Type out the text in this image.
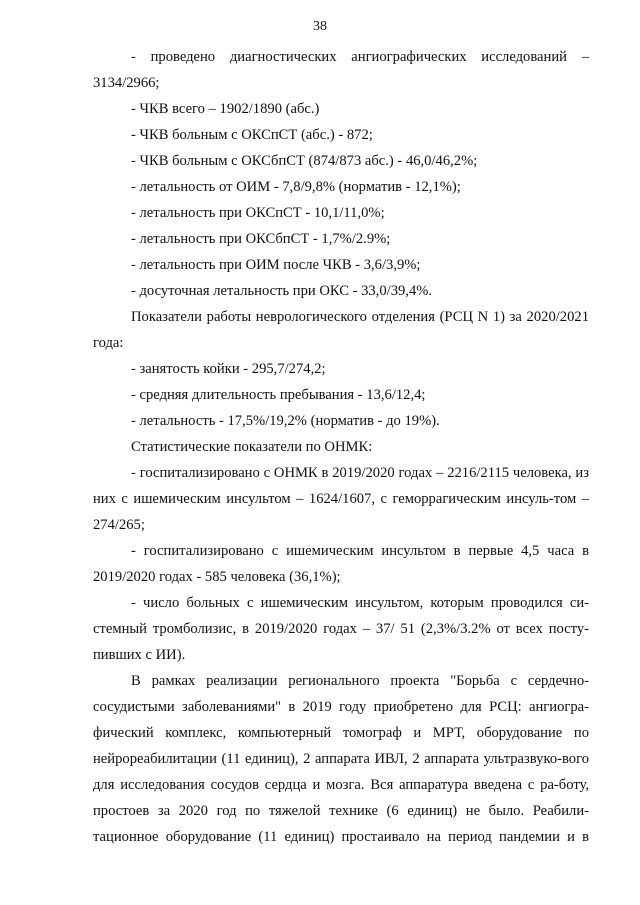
38

- проведено диагностических ангиографических исследований – 3134/2966;

- ЧКВ всего – 1902/1890 (абс.)

- ЧКВ больным с ОКСпСТ (абс.) - 872;

- ЧКВ больным с ОКСбпСТ (874/873 абс.) - 46,0/46,2%;

- летальность от ОИМ - 7,8/9,8% (норматив - 12,1%);

- летальность при ОКСпСТ - 10,1/11,0%;

- летальность при ОКСбпСТ - 1,7%/2.9%;

- летальность при ОИМ после ЧКВ - 3,6/3,9%;

- досуточная летальность при ОКС - 33,0/39,4%.

Показатели работы неврологического отделения (РСЦ N 1) за 2020/2021 года:

- занятость койки - 295,7/274,2;

- средняя длительность пребывания - 13,6/12,4;

- летальность - 17,5%/19,2% (норматив - до 19%).

Статистические показатели по ОНМК:

- госпитализировано с ОНМК в 2019/2020 годах – 2216/2115 человека, из них с ишемическим инсультом – 1624/1607, с геморрагическим инсуль-том – 274/265;

- госпитализировано с ишемическим инсультом в первые 4,5 часа в 2019/2020 годах - 585 человека (36,1%);

- число больных с ишемическим инсультом, которым проводился си-стемный тромболизис, в 2019/2020 годах – 37/ 51 (2,3%/3.2% от всех посту-пивших с ИИ).

В рамках реализации регионального проекта "Борьба с сердечно-сосудистыми заболеваниями" в 2019 году приобретено для РСЦ: ангиогра-фический комплекс, компьютерный томограф и МРТ, оборудование по нейрореабилитации (11 единиц), 2 аппарата ИВЛ, 2 аппарата ультразвуко-вого для исследования сосудов сердца и мозга. Вся аппаратура введена с ра-боту, простоев за 2020 год по тяжелой технике (6 единиц) не было. Реабили-тационное оборудование (11 единиц) простаивало на период пандемии и в
